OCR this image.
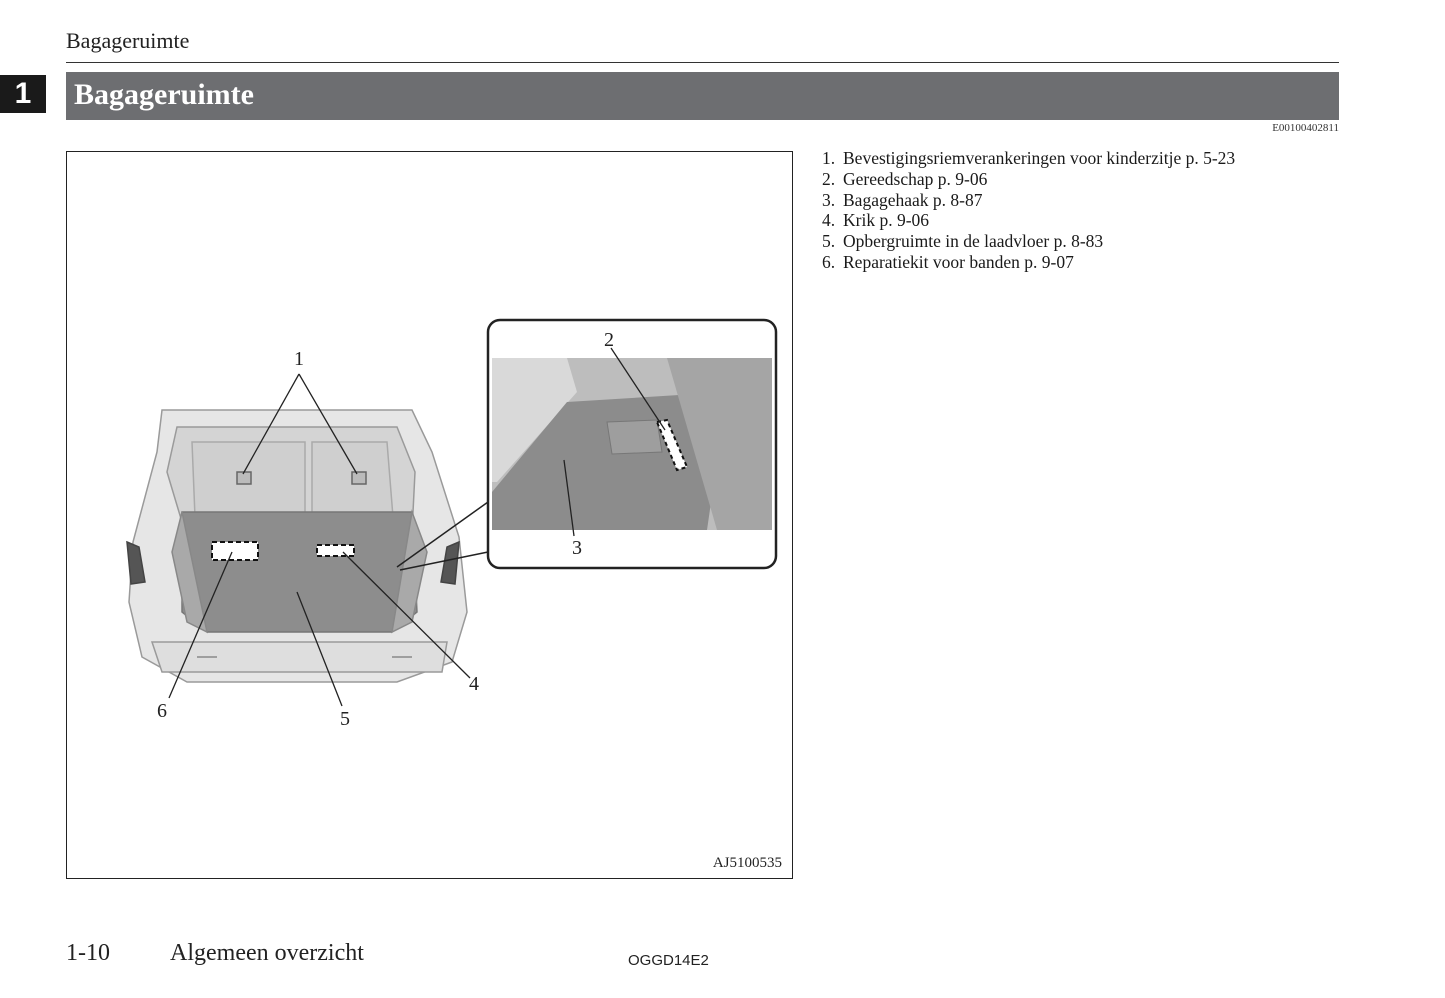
Bagageruimte
1	Bagageruimte
E00100402811
1
2
3
4
5
6
AJ5100535
1. Bevestigingsriemverankeringen voor kinderzitje p. 5-23
2. Gereedschap p. 9-06
3. Bagagehaak p. 8-87
4. Krik p. 9-06
5. Opbergruimte in de laadvloer p. 8-83
6. Reparatiekit voor banden p. 9-07
1-10	Algemeen overzicht	OGGD14E2
